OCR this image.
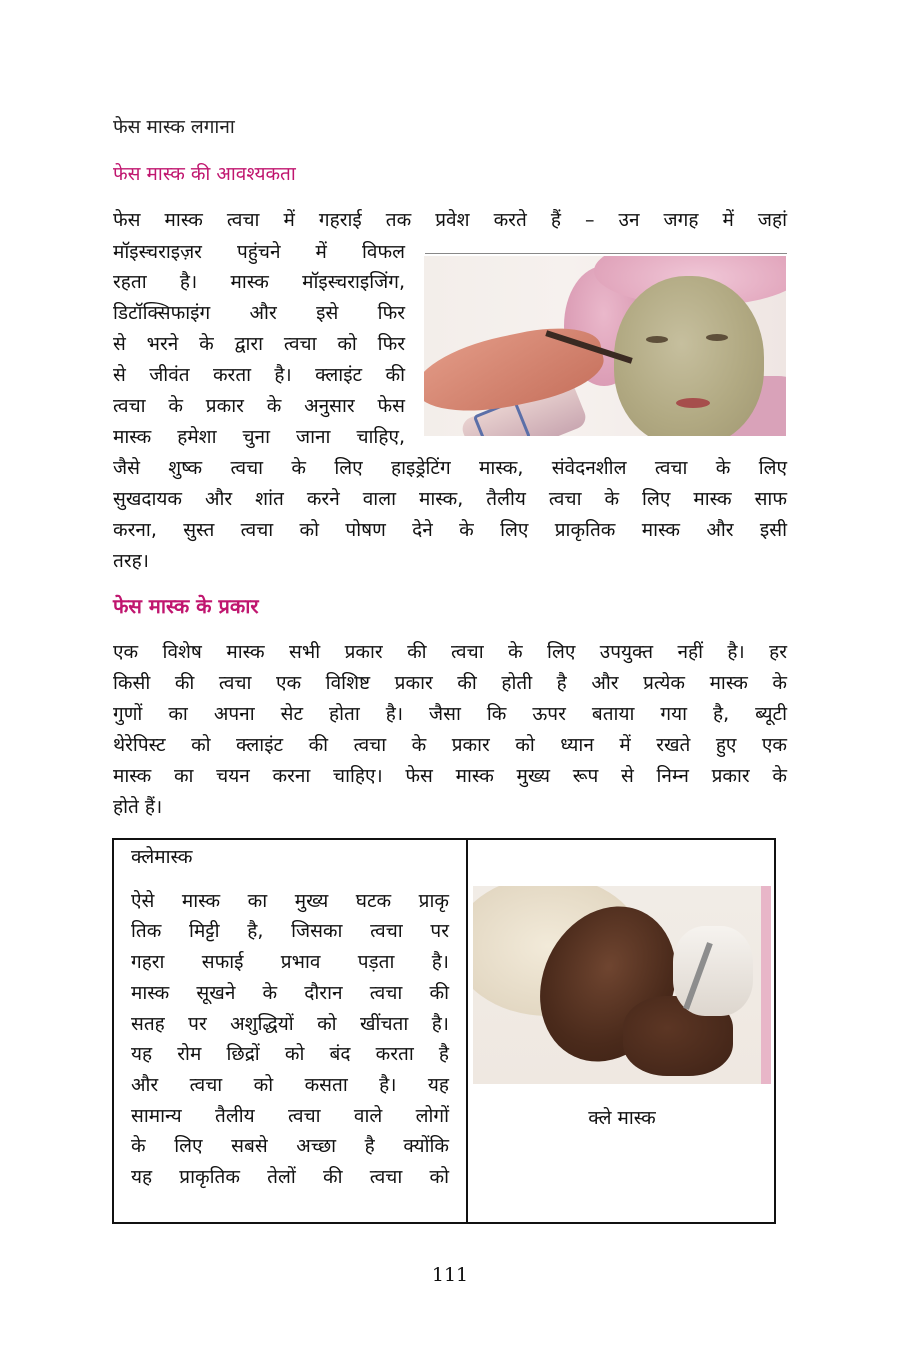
फेस मास्क लगाना
फेस मास्क की आवश्यकता
फेस मास्क त्वचा में गहराई तक प्रवेश करते हैं – उन जगह में जहां
मॉइस्चराइज़र पहुंचने में विफल
रहता है। मास्क मॉइस्चराइजिंग,
डिटॉक्सिफाइंग और इसे फिर
से भरने के द्वारा त्वचा को फिर
से जीवंत करता है। क्लाइंट की
त्वचा के प्रकार के अनुसार फेस
मास्क हमेशा चुना जाना चाहिए,
जैसे शुष्क त्वचा के लिए हाइड्रेटिंग मास्क, संवेदनशील त्वचा के लिए
सुखदायक और शांत करने वाला मास्क, तैलीय त्वचा के लिए मास्क साफ
करना, सुस्त त्वचा को पोषण देने के लिए प्राकृतिक मास्क और इसी
तरह।
फेस मास्क के प्रकार
एक विशेष मास्क सभी प्रकार की त्वचा के लिए उपयुक्त नहीं है। हर
किसी की त्वचा एक विशिष्ट प्रकार की होती है और प्रत्येक मास्क के
गुणों का अपना सेट होता है। जैसा कि ऊपर बताया गया है, ब्यूटी
थेरेपिस्ट को क्लाइंट की त्वचा के प्रकार को ध्यान में रखते हुए एक
मास्क का चयन करना चाहिए। फेस मास्क मुख्य रूप से निम्न प्रकार के
होते हैं।
क्लेमास्क
ऐसे मास्क का मुख्य घटक प्राकृ
तिक मिट्टी है, जिसका त्वचा पर
गहरा सफाई प्रभाव पड़ता है।
मास्क सूखने के दौरान त्वचा की
सतह पर अशुद्धियों को खींचता है।
यह रोम छिद्रों को बंद करता है
और त्वचा को कसता है। यह
सामान्य तैलीय त्वचा वाले लोगों
के लिए सबसे अच्छा है क्योंकि
यह प्राकृतिक तेलों की त्वचा को
क्ले मास्क
111
